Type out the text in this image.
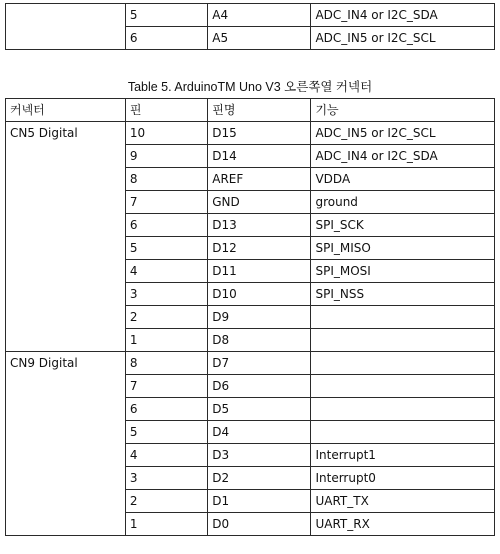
	5	A4	ADC_IN4 or I2C_SDA
	6	A5	ADC_IN5 or I2C_SCL
Table 5. ArduinoTM Uno V3 오른쪽열 커넥터
커넥터	핀	핀명	기능
CN5 Digital	10	D15	ADC_IN5 or I2C_SCL
	9	D14	ADC_IN4 or I2C_SDA
	8	AREF	VDDA
	7	GND	ground
	6	D13	SPI_SCK
	5	D12	SPI_MISO
	4	D11	SPI_MOSI
	3	D10	SPI_NSS
	2	D9	
	1	D8	
CN9 Digital	8	D7	
	7	D6	
	6	D5	
	5	D4	
	4	D3	Interrupt1
	3	D2	Interrupt0
	2	D1	UART_TX
	1	D0	UART_RX
